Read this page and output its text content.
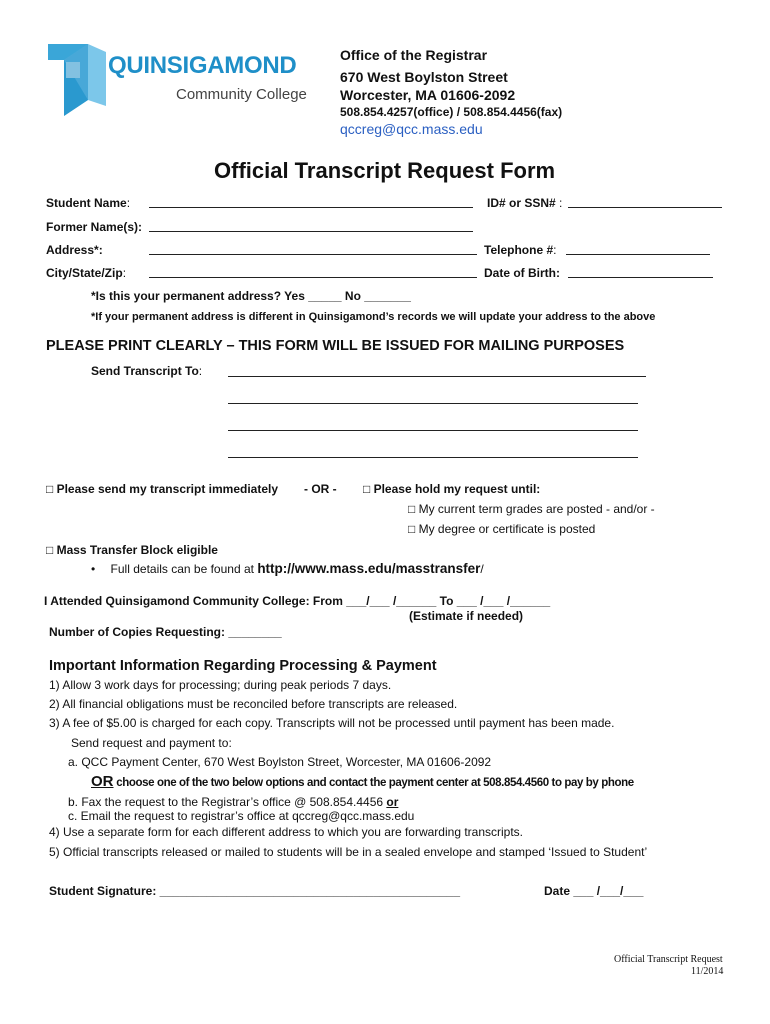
QUINSIGAMOND
Community College
Office of the Registrar
670 West Boylston Street
Worcester, MA 01606-2092
508.854.4257(office) / 508.854.4456(fax)
qccreg@qcc.mass.edu
Official Transcript Request Form
Student Name:	ID# or SSN# :
Former Name(s):
Address*:	Telephone #:
City/State/Zip:	Date of Birth:
*Is this your permanent address? Yes _____ No _______
*If your permanent address is different in Quinsigamond’s records we will update your address to the above
PLEASE PRINT CLEARLY – THIS FORM WILL BE ISSUED FOR MAILING PURPOSES
Send Transcript To:
□ Please send my transcript immediately - OR - □ Please hold my request until:
□ My current term grades are posted - and/or -
□ My degree or certificate is posted
□ Mass Transfer Block eligible
• Full details can be found at http://www.mass.edu/masstransfer/
I Attended Quinsigamond Community College: From ___/___ /______ To ___ /___ /______
(Estimate if needed)
Number of Copies Requesting: ________
Important Information Regarding Processing & Payment
1) Allow 3 work days for processing; during peak periods 7 days.
2) All financial obligations must be reconciled before transcripts are released.
3) A fee of $5.00 is charged for each copy. Transcripts will not be processed until payment has been made.
Send request and payment to:
a. QCC Payment Center, 670 West Boylston Street, Worcester, MA 01606-2092
OR choose one of the two below options and contact the payment center at 508.854.4560 to pay by phone
b. Fax the request to the Registrar’s office @ 508.854.4456 or
c. Email the request to registrar’s office at qccreg@qcc.mass.edu
4) Use a separate form for each different address to which you are forwarding transcripts.
5) Official transcripts released or mailed to students will be in a sealed envelope and stamped ‘Issued to Student’
Student Signature: _____________________________________________	Date ___ /___/___
Official Transcript Request
11/2014
